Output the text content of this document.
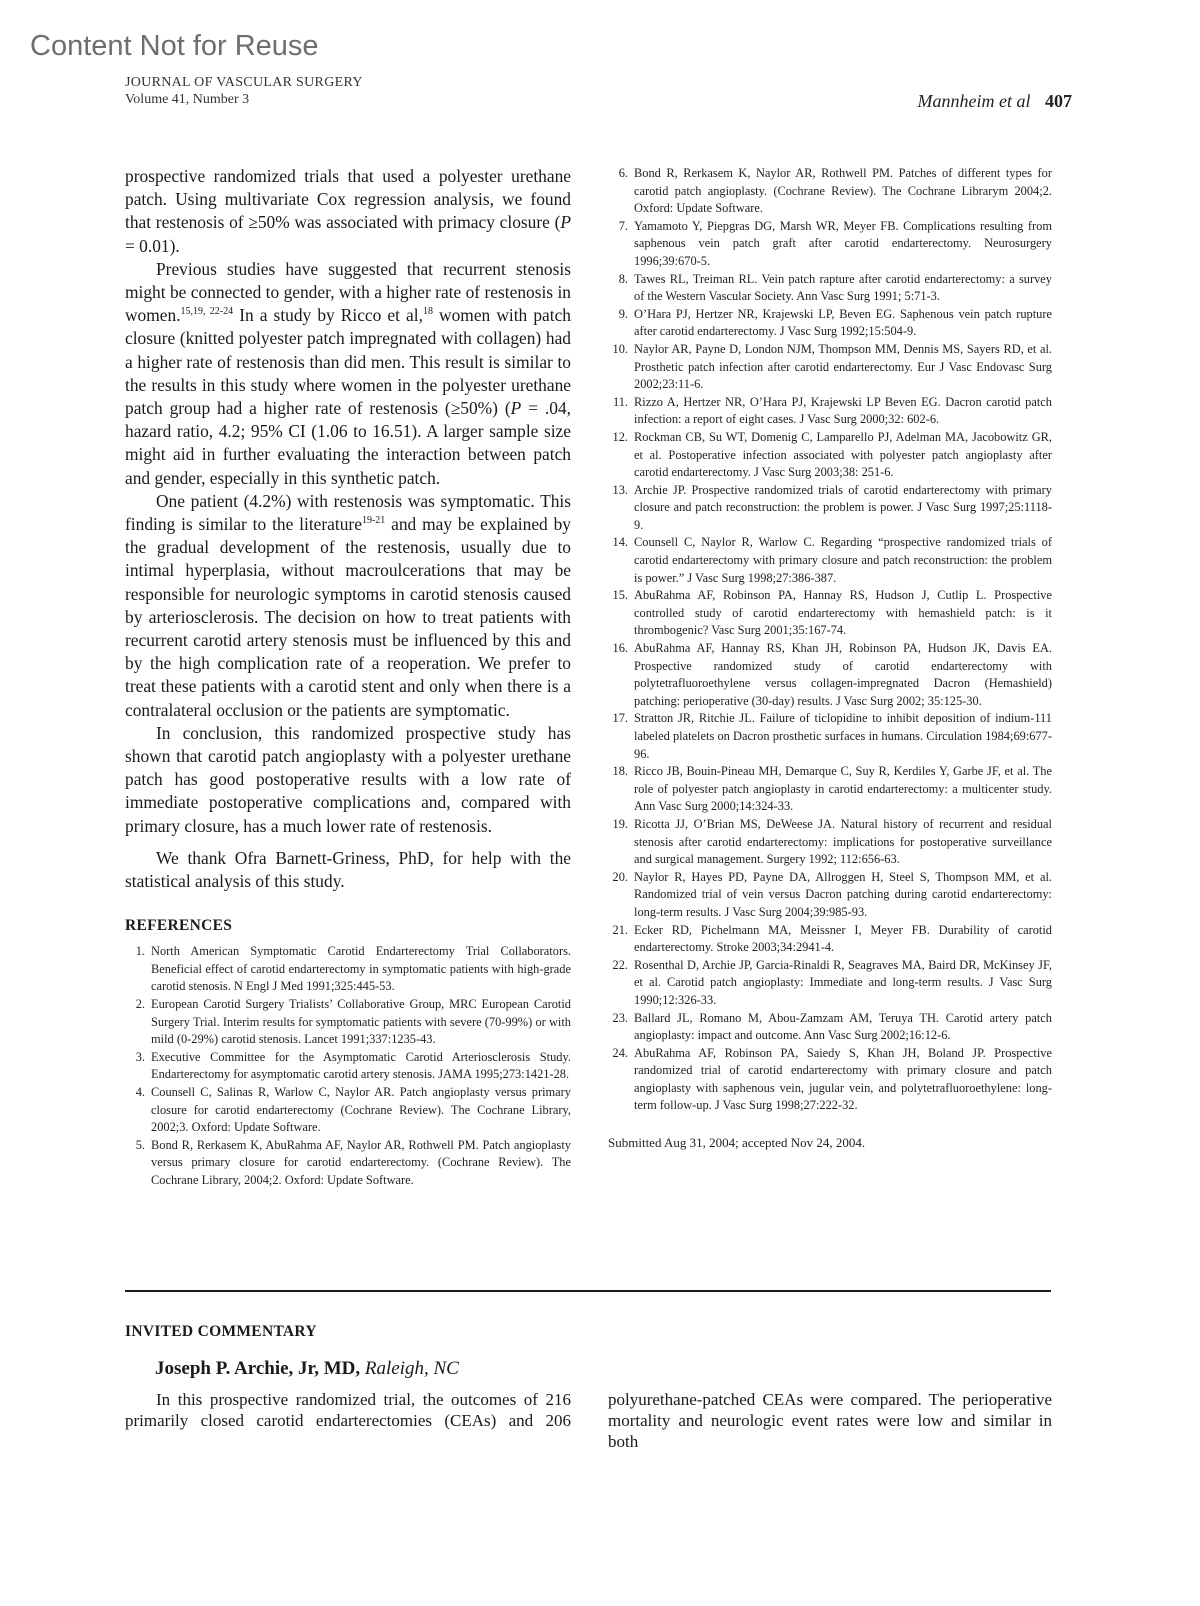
Content Not for Reuse
JOURNAL OF VASCULAR SURGERY
Volume 41, Number 3	Mannheim et al 407

prospective randomized trials that used a polyester urethane patch. Using multivariate Cox regression analysis, we found that restenosis of ≥50% was associated with primacy closure (P = 0.01).

Previous studies have suggested that recurrent stenosis might be connected to gender, with a higher rate of restenosis in women.$^{15,19, 22-24}$ In a study by Ricco et al,$^{18}$ women with patch closure (knitted polyester patch impregnated with collagen) had a higher rate of restenosis than did men. This result is similar to the results in this study where women in the polyester urethane patch group had a higher rate of restenosis (≥50%) (P = .04, hazard ratio, 4.2; 95% CI (1.06 to 16.51). A larger sample size might aid in further evaluating the interaction between patch and gender, especially in this synthetic patch.

One patient (4.2%) with restenosis was symptomatic. This finding is similar to the literature$^{19-21}$ and may be explained by the gradual development of the restenosis, usually due to intimal hyperplasia, without macroulcerations that may be responsible for neurologic symptoms in carotid stenosis caused by arteriosclerosis. The decision on how to treat patients with recurrent carotid artery stenosis must be influenced by this and by the high complication rate of a reoperation. We prefer to treat these patients with a carotid stent and only when there is a contralateral occlusion or the patients are symptomatic.

In conclusion, this randomized prospective study has shown that carotid patch angioplasty with a polyester urethane patch has good postoperative results with a low rate of immediate postoperative complications and, compared with primary closure, has a much lower rate of restenosis.

We thank Ofra Barnett-Griness, PhD, for help with the statistical analysis of this study.

REFERENCES
1. North American Symptomatic Carotid Endarterectomy Trial Collaborators. Beneficial effect of carotid endarterectomy in symptomatic patients with high-grade carotid stenosis. N Engl J Med 1991;325:445-53.
2. European Carotid Surgery Trialists’ Collaborative Group, MRC European Carotid Surgery Trial. Interim results for symptomatic patients with severe (70-99%) or with mild (0-29%) carotid stenosis. Lancet 1991;337:1235-43.
3. Executive Committee for the Asymptomatic Carotid Arteriosclerosis Study. Endarterectomy for asymptomatic carotid artery stenosis. JAMA 1995;273:1421-28.
4. Counsell C, Salinas R, Warlow C, Naylor AR. Patch angioplasty versus primary closure for carotid endarterectomy (Cochrane Review). The Cochrane Library, 2002;3. Oxford: Update Software.
5. Bond R, Rerkasem K, AbuRahma AF, Naylor AR, Rothwell PM. Patch angioplasty versus primary closure for carotid endarterectomy. (Cochrane Review). The Cochrane Library, 2004;2. Oxford: Update Software.
6. Bond R, Rerkasem K, Naylor AR, Rothwell PM. Patches of different types for carotid patch angioplasty. (Cochrane Review). The Cochrane Librarym 2004;2. Oxford: Update Software.
7. Yamamoto Y, Piepgras DG, Marsh WR, Meyer FB. Complications resulting from saphenous vein patch graft after carotid endarterectomy. Neurosurgery 1996;39:670-5.
8. Tawes RL, Treiman RL. Vein patch rapture after carotid endarterectomy: a survey of the Western Vascular Society. Ann Vasc Surg 1991; 5:71-3.
9. O’Hara PJ, Hertzer NR, Krajewski LP, Beven EG. Saphenous vein patch rupture after carotid endarterectomy. J Vasc Surg 1992;15:504-9.
10. Naylor AR, Payne D, London NJM, Thompson MM, Dennis MS, Sayers RD, et al. Prosthetic patch infection after carotid endarterectomy. Eur J Vasc Endovasc Surg 2002;23:11-6.
11. Rizzo A, Hertzer NR, O’Hara PJ, Krajewski LP Beven EG. Dacron carotid patch infection: a report of eight cases. J Vasc Surg 2000;32: 602-6.
12. Rockman CB, Su WT, Domenig C, Lamparello PJ, Adelman MA, Jacobowitz GR, et al. Postoperative infection associated with polyester patch angioplasty after carotid endarterectomy. J Vasc Surg 2003;38: 251-6.
13. Archie JP. Prospective randomized trials of carotid endarterectomy with primary closure and patch reconstruction: the problem is power. J Vasc Surg 1997;25:1118-9.
14. Counsell C, Naylor R, Warlow C. Regarding “prospective randomized trials of carotid endarterectomy with primary closure and patch reconstruction: the problem is power.” J Vasc Surg 1998;27:386-387.
15. AbuRahma AF, Robinson PA, Hannay RS, Hudson J, Cutlip L. Prospective controlled study of carotid endarterectomy with hemashield patch: is it thrombogenic? Vasc Surg 2001;35:167-74.
16. AbuRahma AF, Hannay RS, Khan JH, Robinson PA, Hudson JK, Davis EA. Prospective randomized study of carotid endarterectomy with polytetrafluoroethylene versus collagen-impregnated Dacron (Hemashield) patching: perioperative (30-day) results. J Vasc Surg 2002; 35:125-30.
17. Stratton JR, Ritchie JL. Failure of ticlopidine to inhibit deposition of indium-111 labeled platelets on Dacron prosthetic surfaces in humans. Circulation 1984;69:677-96.
18. Ricco JB, Bouin-Pineau MH, Demarque C, Suy R, Kerdiles Y, Garbe JF, et al. The role of polyester patch angioplasty in carotid endarterectomy: a multicenter study. Ann Vasc Surg 2000;14:324-33.
19. Ricotta JJ, O’Brian MS, DeWeese JA. Natural history of recurrent and residual stenosis after carotid endarterectomy: implications for postoperative surveillance and surgical management. Surgery 1992; 112:656-63.
20. Naylor R, Hayes PD, Payne DA, Allroggen H, Steel S, Thompson MM, et al. Randomized trial of vein versus Dacron patching during carotid endarterectomy: long-term results. J Vasc Surg 2004;39:985-93.
21. Ecker RD, Pichelmann MA, Meissner I, Meyer FB. Durability of carotid endarterectomy. Stroke 2003;34:2941-4.
22. Rosenthal D, Archie JP, Garcia-Rinaldi R, Seagraves MA, Baird DR, McKinsey JF, et al. Carotid patch angioplasty: Immediate and long-term results. J Vasc Surg 1990;12:326-33.
23. Ballard JL, Romano M, Abou-Zamzam AM, Teruya TH. Carotid artery patch angioplasty: impact and outcome. Ann Vasc Surg 2002;16:12-6.
24. AbuRahma AF, Robinson PA, Saiedy S, Khan JH, Boland JP. Prospective randomized trial of carotid endarterectomy with primary closure and patch angioplasty with saphenous vein, jugular vein, and polytetrafluoroethylene: long-term follow-up. J Vasc Surg 1998;27:222-32.
Submitted Aug 31, 2004; accepted Nov 24, 2004.
INVITED COMMENTARY
Joseph P. Archie, Jr, MD, Raleigh, NC

In this prospective randomized trial, the outcomes of 216 primarily closed carotid endarterectomies (CEAs) and 206

polyurethane-patched CEAs were compared. The perioperative mortality and neurologic event rates were low and similar in both
